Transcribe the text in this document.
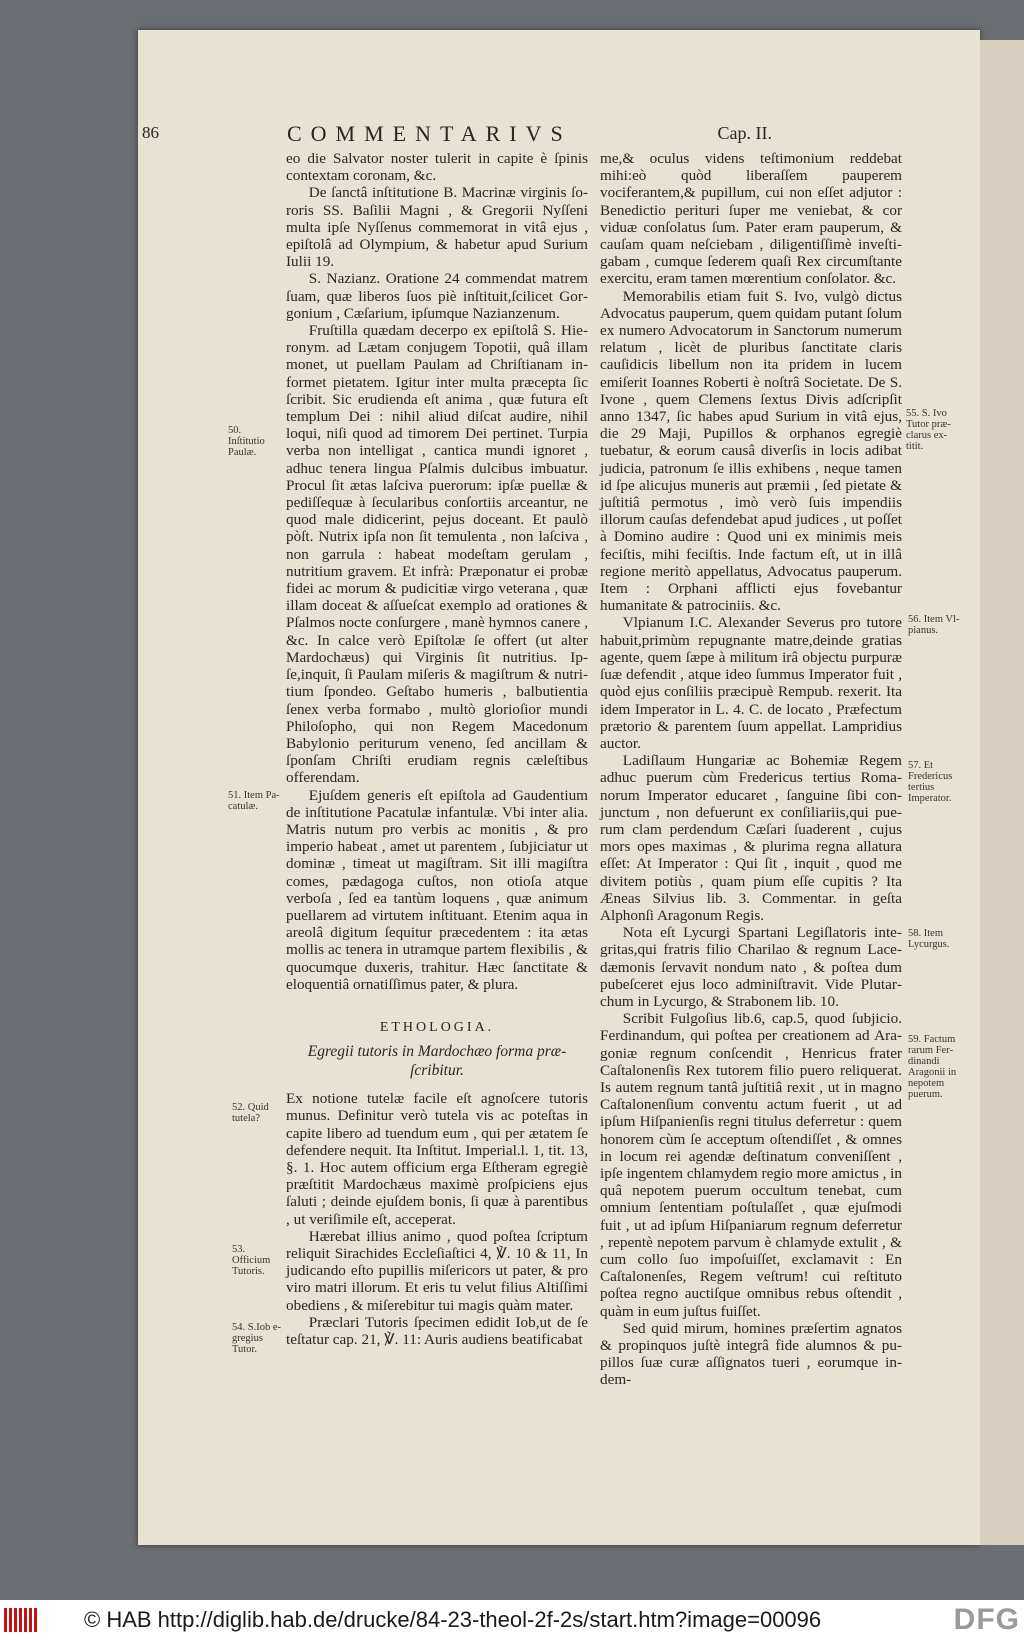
86	COMMENTARIVS	Cap. II.

eo die Salvator noster tulerit in capite è ſpinis contextam coronam, &c.

De ſanctâ inſtitutione B. Macrinæ virginis ſororis SS. Baſilii Magni , & Gregorii Nyſſeni multa ipſe Nyſſenus commemorat in vitâ ejus , epiſtolâ ad Olympium, & habetur apud Surium Iulii 19.

S. Nazianz. Oratione 24 commendat matrem ſuam, quæ liberos ſuos piè inſtituit,ſcilicet Gorgonium , Cæſarium, ipſumque Nazianzenum.

Fruſtilla quædam decerpo ex epiſtolâ S. Hieronym. ad Lætam conjugem Topotii, quâ illam monet, ut puellam Paulam ad Chriſtianam informet pietatem. Igitur inter multa præcepta ſic ſcribit. Sic erudienda eſt anima , quæ futura eſt templum Dei : nihil aliud diſcat audire, nihil loqui, niſi quod ad timorem Dei pertinet. Turpia verba non intelligat , cantica mundi ignoret , adhuc tenera lingua Pſalmis dulcibus imbuatur. Procul ſit ætas laſciva puerorum: ipſæ puellæ & pediſſequæ à ſecularibus conſortiis arceantur, ne quod male didicerint, pejus doceant. Et paulò pòſt. Nutrix ipſa non ſit temulenta , non laſciva , non garrula : habeat modeſtam gerulam , nutritium gravem. Et infrà: Præponatur ei probæ fidei ac morum & pudicitiæ virgo veterana , quæ illam doceat & aſſueſcat exemplo ad orationes & Pſalmos nocte conſurgere , manè hymnos canere , &c. In calce verò Epiſtolæ ſe offert (ut alter Mardochæus) qui Virginis ſit nutritius. Ipſe,inquit, ſi Paulam miſeris & magiſtrum & nutritium ſpondeo. Geſtabo humeris , balbutientia ſenex verba formabo , multò glorioſior mundi Philoſopho, qui non Regem Macedonum Babylonio periturum veneno, ſed ancillam & ſponſam Chriſti erudiam regnis cæleſtibus offerendam.

Ejuſdem generis eſt epiſtola ad Gaudentium de inſtitutione Pacatulæ infantulæ. Vbi inter alia. Matris nutum pro verbis ac monitis , & pro imperio habeat , amet ut parentem , ſubjiciatur ut dominæ , timeat ut magiſtram. Sit illi magiſtra comes, pædagoga cuſtos, non otioſa atque verboſa , ſed ea tantùm loquens , quæ animum puellarem ad virtutem inſtituant. Etenim aqua in areolâ digitum ſequitur præcedentem : ita ætas mollis ac tenera in utramque partem flexibilis , & quocumque duxeris, trahitur. Hæc ſanctitate & eloquentiâ ornatiſſimus pater, & plura.

ETHOLOGIA.

Egregii tutoris in Mardochæo forma præſcribitur.

Ex notione tutelæ facile eſt agnoſcere tutoris munus. Definitur verò tutela vis ac poteſtas in capite libero ad tuendum eum , qui per ætatem ſe defendere nequit. Ita Inſtitut. Imperial.l. 1, tit. 13, §. 1. Hoc autem officium erga Eſtheram egregiè præſtitit Mardochæus maximè proſpiciens ejus ſaluti ; deinde ejuſdem bonis, ſi quæ à parentibus , ut veriſimile eſt, acceperat.

Hærebat illius animo , quod poſtea ſcriptum reliquit Sirachides Eccleſiaſtici 4, ℣. 10 & 11, In judicando eſto pupillis miſericors ut pater, & pro viro matri illorum. Et eris tu velut filius Altiſſimi obediens , & miſerebitur tui magis quàm mater.

Præclari Tutoris ſpecimen edidit Iob,ut de ſe teſtatur cap. 21, ℣. 11: Auris audiens beatificabat

me,& oculus videns teſtimonium reddebat mihi:eò quòd liberaſſem pauperem vociferantem,& pupillum, cui non eſſet adjutor : Benedictio perituri ſuper me veniebat, & cor viduæ conſolatus ſum. Pater eram pauperum, & cauſam quam neſciebam , diligentiſſimè inveſtigabam , cumque ſederem quaſi Rex circumſtante exercitu, eram tamen mœrentium conſolator. &c.

Memorabilis etiam fuit S. Ivo, vulgò dictus Advocatus pauperum, quem quidam putant ſolum ex numero Advocatorum in Sanctorum numerum relatum , licèt de pluribus ſanctitate claris cauſidicis libellum non ita pridem in lucem emiſerit Ioannes Roberti è noſtrâ Societate. De S. Ivone , quem Clemens ſextus Divis adſcripſit anno 1347, ſic habes apud Surium in vitâ ejus, die 29 Maji, Pupillos & orphanos egregiè tuebatur, & eorum causâ diverſis in locis adibat judicia, patronum ſe illis exhibens , neque tamen id ſpe alicujus muneris aut præmii , ſed pietate & juſtitiâ permotus , imò verò ſuis impendiis illorum cauſas defendebat apud judices , ut poſſet à Domino audire : Quod uni ex minimis meis feciſtis, mihi feciſtis. Inde factum eſt, ut in illâ regione meritò appellatus, Advocatus pauperum. Item : Orphani afflicti ejus fovebantur humanitate & patrociniis. &c.

Vlpianum I.C. Alexander Severus pro tutore habuit,primùm repugnante matre,deinde gratias agente, quem ſæpe à militum irâ objectu purpuræ ſuæ defendit , atque ideo ſummus Imperator fuit , quòd ejus conſiliis præcipuè Rempub. rexerit. Ita idem Imperator in L. 4. C. de locato , Præfectum prætorio & parentem ſuum appellat. Lampridius auctor.

Ladiſlaum Hungariæ ac Bohemiæ Regem adhuc puerum cùm Fredericus tertius Romanorum Imperator educaret , ſanguine ſibi conjunctum , non defuerunt ex conſiliariis,qui puerum clam perdendum Cæſari ſuaderent , cujus mors opes maximas , & plurima regna allatura eſſet: At Imperator : Qui ſit , inquit , quod me divitem potiùs , quam pium eſſe cupitis ? Ita Æneas Silvius lib. 3. Commentar. in geſta Alphonſi Aragonum Regis.

Nota eſt Lycurgi Spartani Legiſlatoris integritas,qui fratris filio Charilao & regnum Lacedæmonis ſervavit nondum nato , & poſtea dum pubeſceret ejus loco adminiſtravit. Vide Plutarchum in Lycurgo, & Strabonem lib. 10.

Scribit Fulgoſius lib.6, cap.5, quod ſubjicio. Ferdinandum, qui poſtea per creationem ad Aragoniæ regnum conſcendit , Henricus frater Caſtalonenſis Rex tutorem filio puero reliquerat. Is autem regnum tantâ juſtitiâ rexit , ut in magno Caſtalonenſium conventu actum fuerit , ut ad ipſum Hiſpanienſis regni titulus deferretur : quem honorem cùm ſe acceptum oſtendiſſet , & omnes in locum rei agendæ deſtinatum conveniſſent , ipſe ingentem chlamydem regio more amictus , in quâ nepotem puerum occultum tenebat, cum omnium ſententiam poſtulaſſet , quæ ejuſmodi fuit , ut ad ipſum Hiſpaniarum regnum deferretur , repentè nepotem parvum è chlamyde extulit , & cum collo ſuo impoſuiſſet, exclamavit : En Caſtalonenſes, Regem veſtrum! cui reſtituto poſtea regno auctiſque omnibus rebus oſtendit , quàm in eum juſtus fuiſſet.

Sed quid mirum, homines præſertim agnatos & propinquos juſtè integrâ fide alumnos & pupillos ſuæ curæ aſſignatos tueri , eorumque indem-

50. Inſtitutio Paulæ.
51. Item Pacatulæ.
52. Quid tutela?
53. Officium Tutoris.
54. S.Iob egregius Tutor.
55. S. Ivo Tutor præclarus extitit.
56. Item Vlpianus.
57. Et Fredericus tertius Imperator.
58. Item Lycurgus.
59. Factum rarum Ferdinandi Aragonii in nepotem puerum.
© HAB http://diglib.hab.de/drucke/84-23-theol-2f-2s/start.htm?image=00096	DFG
